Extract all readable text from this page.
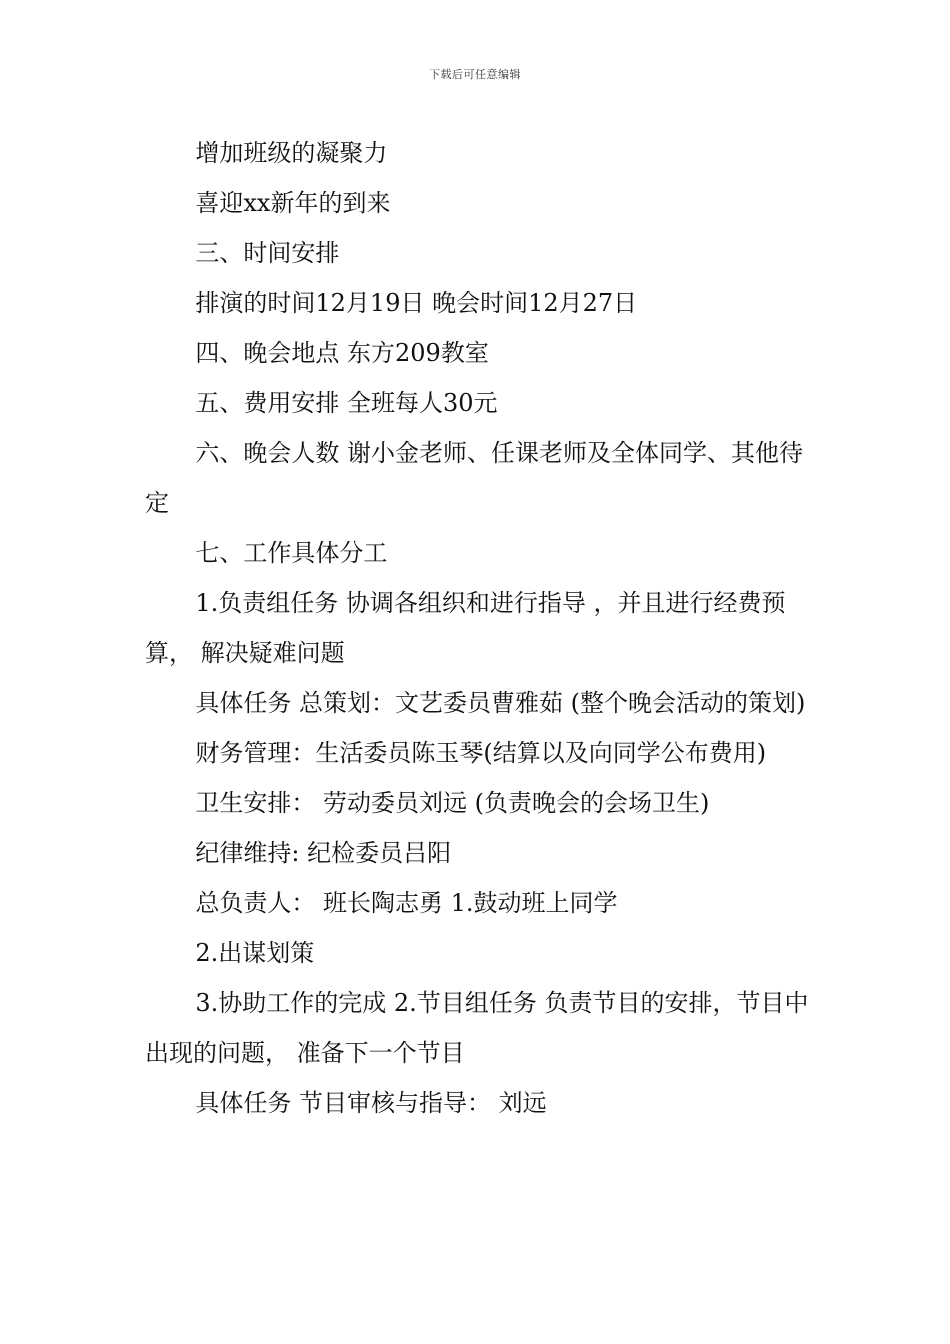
下载后可任意编辑

增加班级的凝聚力

喜迎xx新年的到来

三、时间安排

排演的时间12月19日 晚会时间12月27日

四、晚会地点 东方209教室

五、费用安排 全班每人30元

六、晚会人数 谢小金老师、任课老师及全体同学、其他待定

七、工作具体分工

1.负责组任务 协调各组织和进行指导 ，并且进行经费预算， 解决疑难问题

具体任务 总策划：文艺委员曹雅茹 (整个晚会活动的策划)

财务管理：生活委员陈玉琴(结算以及向同学公布费用)

卫生安排： 劳动委员刘远 (负责晚会的会场卫生)

纪律维持: 纪检委员吕阳

总负责人： 班长陶志勇 1.鼓动班上同学

2.出谋划策

3.协助工作的完成 2.节目组任务 负责节目的安排，节目中出现的问题， 准备下一个节目

具体任务 节目审核与指导： 刘远
